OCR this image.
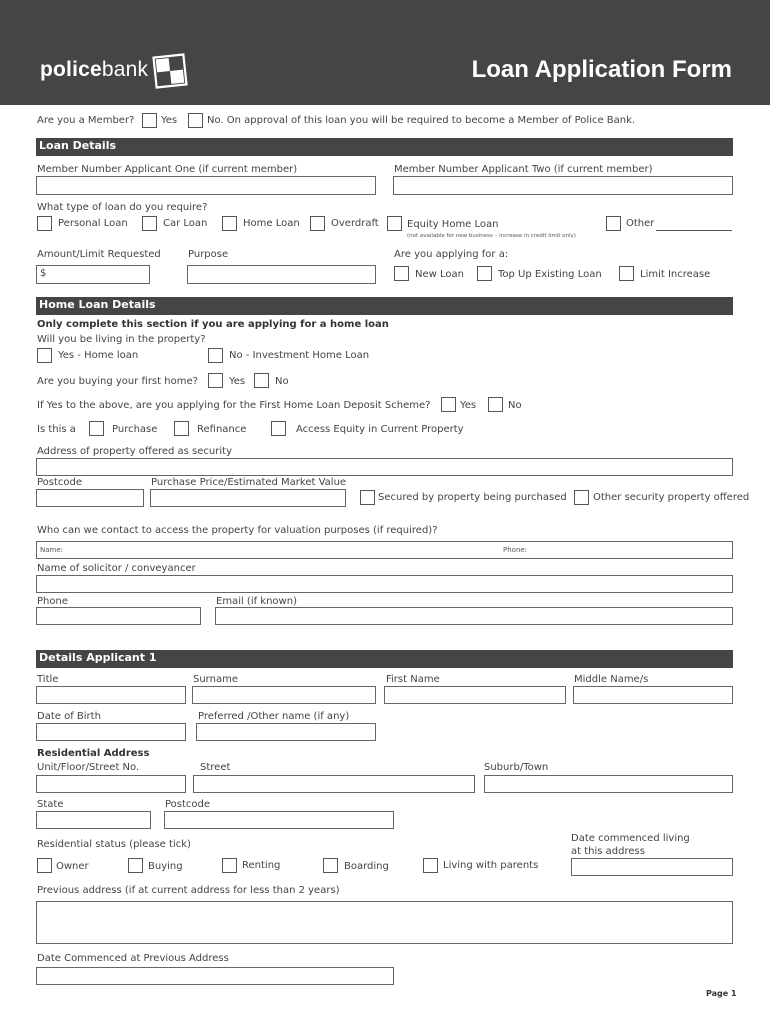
policebank	Loan Application Form
Are you a Member?	Yes	No. On approval of this loan you will be required to become a Member of Police Bank.
Loan Details
Member Number Applicant One (if current member)	Member Number Applicant Two (if current member)
What type of loan do you require?
Personal Loan	Car Loan	Home Loan	Overdraft	Equity Home Loan
(not available for new business – increase in credit limit only)
Other
Amount/Limit Requested
$
Purpose	Are you applying for a:
New Loan	Top Up Existing Loan	Limit Increase
Home Loan Details
Only complete this section if you are applying for a home loan
Will you be living in the property?
Yes - Home loan	No - Investment Home Loan
Are you buying your first home?	Yes	No
If Yes to the above, are you applying for the First Home Loan Deposit Scheme?	Yes	No
Is this a	Purchase	Refinance	Access Equity in Current Property
Address of property offered as security
Postcode	Purchase Price/Estimated Market Value
Secured by property being purchased	Other security property offered
Who can we contact to access the property for valuation purposes (if required)?
Name:	Phone:
Name of solicitor / conveyancer
Phone	Email (if known)
Details Applicant 1
Title	Surname	First Name	Middle Name/s
Date of Birth	Preferred /Other name (if any)
Residential Address
Unit/Floor/Street No.	Street	Suburb/Town
State	Postcode
Residential status (please tick)
Owner	Buying	Renting	Boarding	Living with parents
Date commenced living
at this address
Previous address (if at current address for less than 2 years)
Date Commenced at Previous Address
Page 1
